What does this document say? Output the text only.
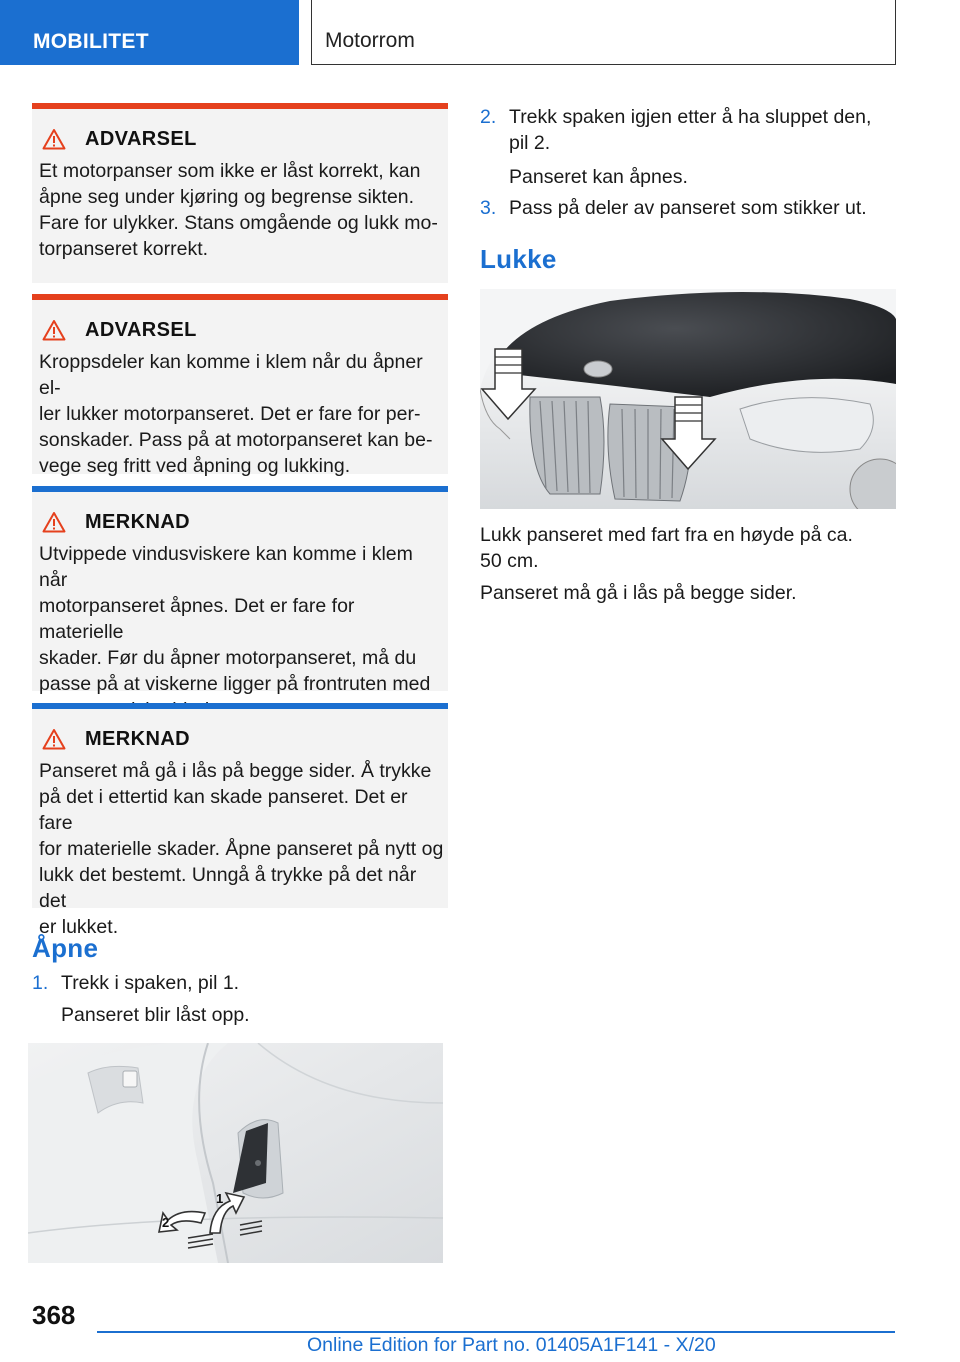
MOBILITET	Motorrom
ADVARSEL
Et motorpanser som ikke er låst korrekt, kan
åpne seg under kjøring og begrense sikten.
Fare for ulykker. Stans omgående og lukk mo-
torpanseret korrekt.
ADVARSEL
Kroppsdeler kan komme i klem når du åpner el-
ler lukker motorpanseret. Det er fare for per-
sonskader. Pass på at motorpanseret kan be-
vege seg fritt ved åpning og lukking.
MERKNAD
Utvippede vindusviskere kan komme i klem når
motorpanseret åpnes. Det er fare for materielle
skader. Før du åpner motorpanseret, må du
passe på at viskerne ligger på frontruten med
MERKNAD
Panseret må gå i lås på begge sider. Å trykke
på det i ettertid kan skade panseret. Det er fare
for materielle skader. Åpne panseret på nytt og
lukk det bestemt. Unngå å trykke på det når det
er lukket.
Åpne
1. Trekk i spaken, pil 1.
Panseret blir låst opp.
1
2
2. Trekk spaken igjen etter å ha sluppet den,
pil 2.
Panseret kan åpnes.
3. Pass på deler av panseret som stikker ut.
Lukke
Lukk panseret med fart fra en høyde på ca.
50 cm.
Panseret må gå i lås på begge sider.
368
Online Edition for Part no. 01405A1F141 - X/20
